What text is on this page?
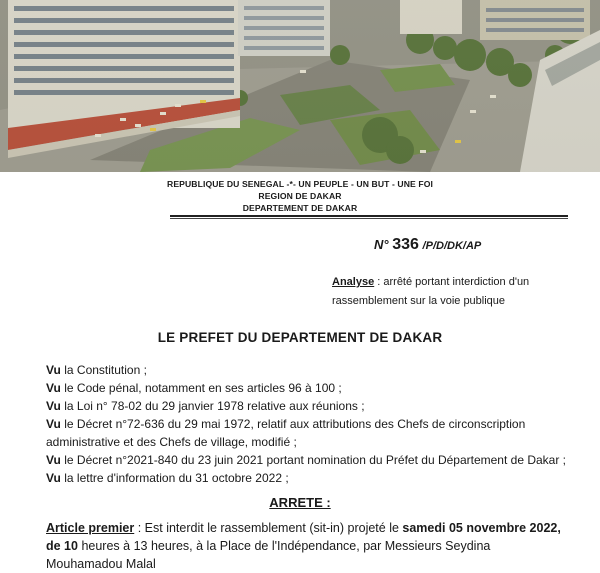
REPUBLIQUE DU SENEGAL -*- UN PEUPLE - UN BUT - UNE FOI
REGION DE DAKAR
DEPARTEMENT DE DAKAR
N° 336 /P/D/DK/AP
Analyse : arrêté portant interdiction d'un rassemblement sur la voie publique
LE PREFET DU DEPARTEMENT DE DAKAR
Vu la Constitution ;
Vu le Code pénal, notamment en ses articles 96 à 100 ;
Vu la Loi n° 78-02 du 29 janvier 1978 relative aux réunions ;
Vu le Décret n°72-636 du 29 mai 1972, relatif aux attributions des Chefs de circonscription administrative et des Chefs de village, modifié ;
Vu le Décret n°2021-840 du 23 juin 2021 portant nomination du Préfet du Département de Dakar ;
Vu la lettre d'information du 31 octobre 2022 ;
ARRETE :
Article premier : Est interdit le rassemblement (sit-in) projeté le samedi 05 novembre 2022, de 10 heures à 13 heures, à la Place de l'Indépendance, par Messieurs Seydina Mouhamadou Malal
